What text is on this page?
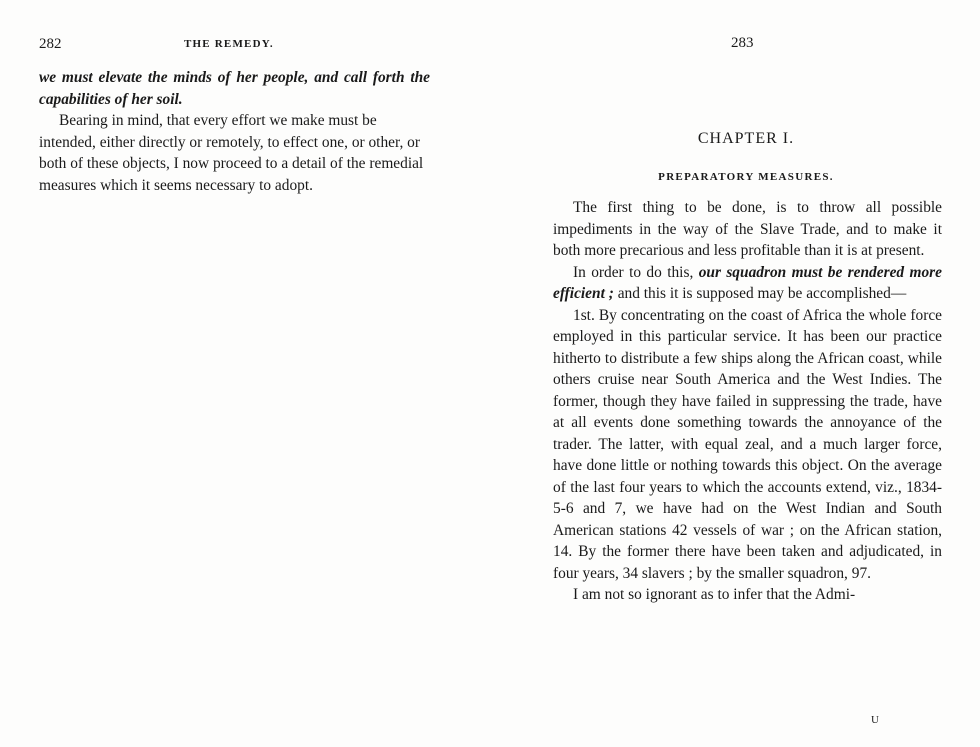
282	THE REMEDY.

we must elevate the minds of her people, and call forth the capabilities of her soil.

Bearing in mind, that every effort we make must be intended, either directly or remotely, to effect one, or other, or both of these objects, I now proceed to a detail of the remedial measures which it seems necessary to adopt.

283
CHAPTER I.
PREPARATORY MEASURES.

The first thing to be done, is to throw all possible impediments in the way of the Slave Trade, and to make it both more precarious and less profitable than it is at present.

In order to do this, our squadron must be rendered more efficient ; and this it is supposed may be accomplished—

1st. By concentrating on the coast of Africa the whole force employed in this particular service. It has been our practice hitherto to distribute a few ships along the African coast, while others cruise near South America and the West Indies. The former, though they have failed in suppressing the trade, have at all events done something towards the annoyance of the trader. The latter, with equal zeal, and a much larger force, have done little or nothing towards this object. On the average of the last four years to which the accounts extend, viz., 1834-5-6 and 7, we have had on the West Indian and South American stations 42 vessels of war ; on the African station, 14. By the former there have been taken and adjudicated, in four years, 34 slavers ; by the smaller squadron, 97.

I am not so ignorant as to infer that the Admi-

U
